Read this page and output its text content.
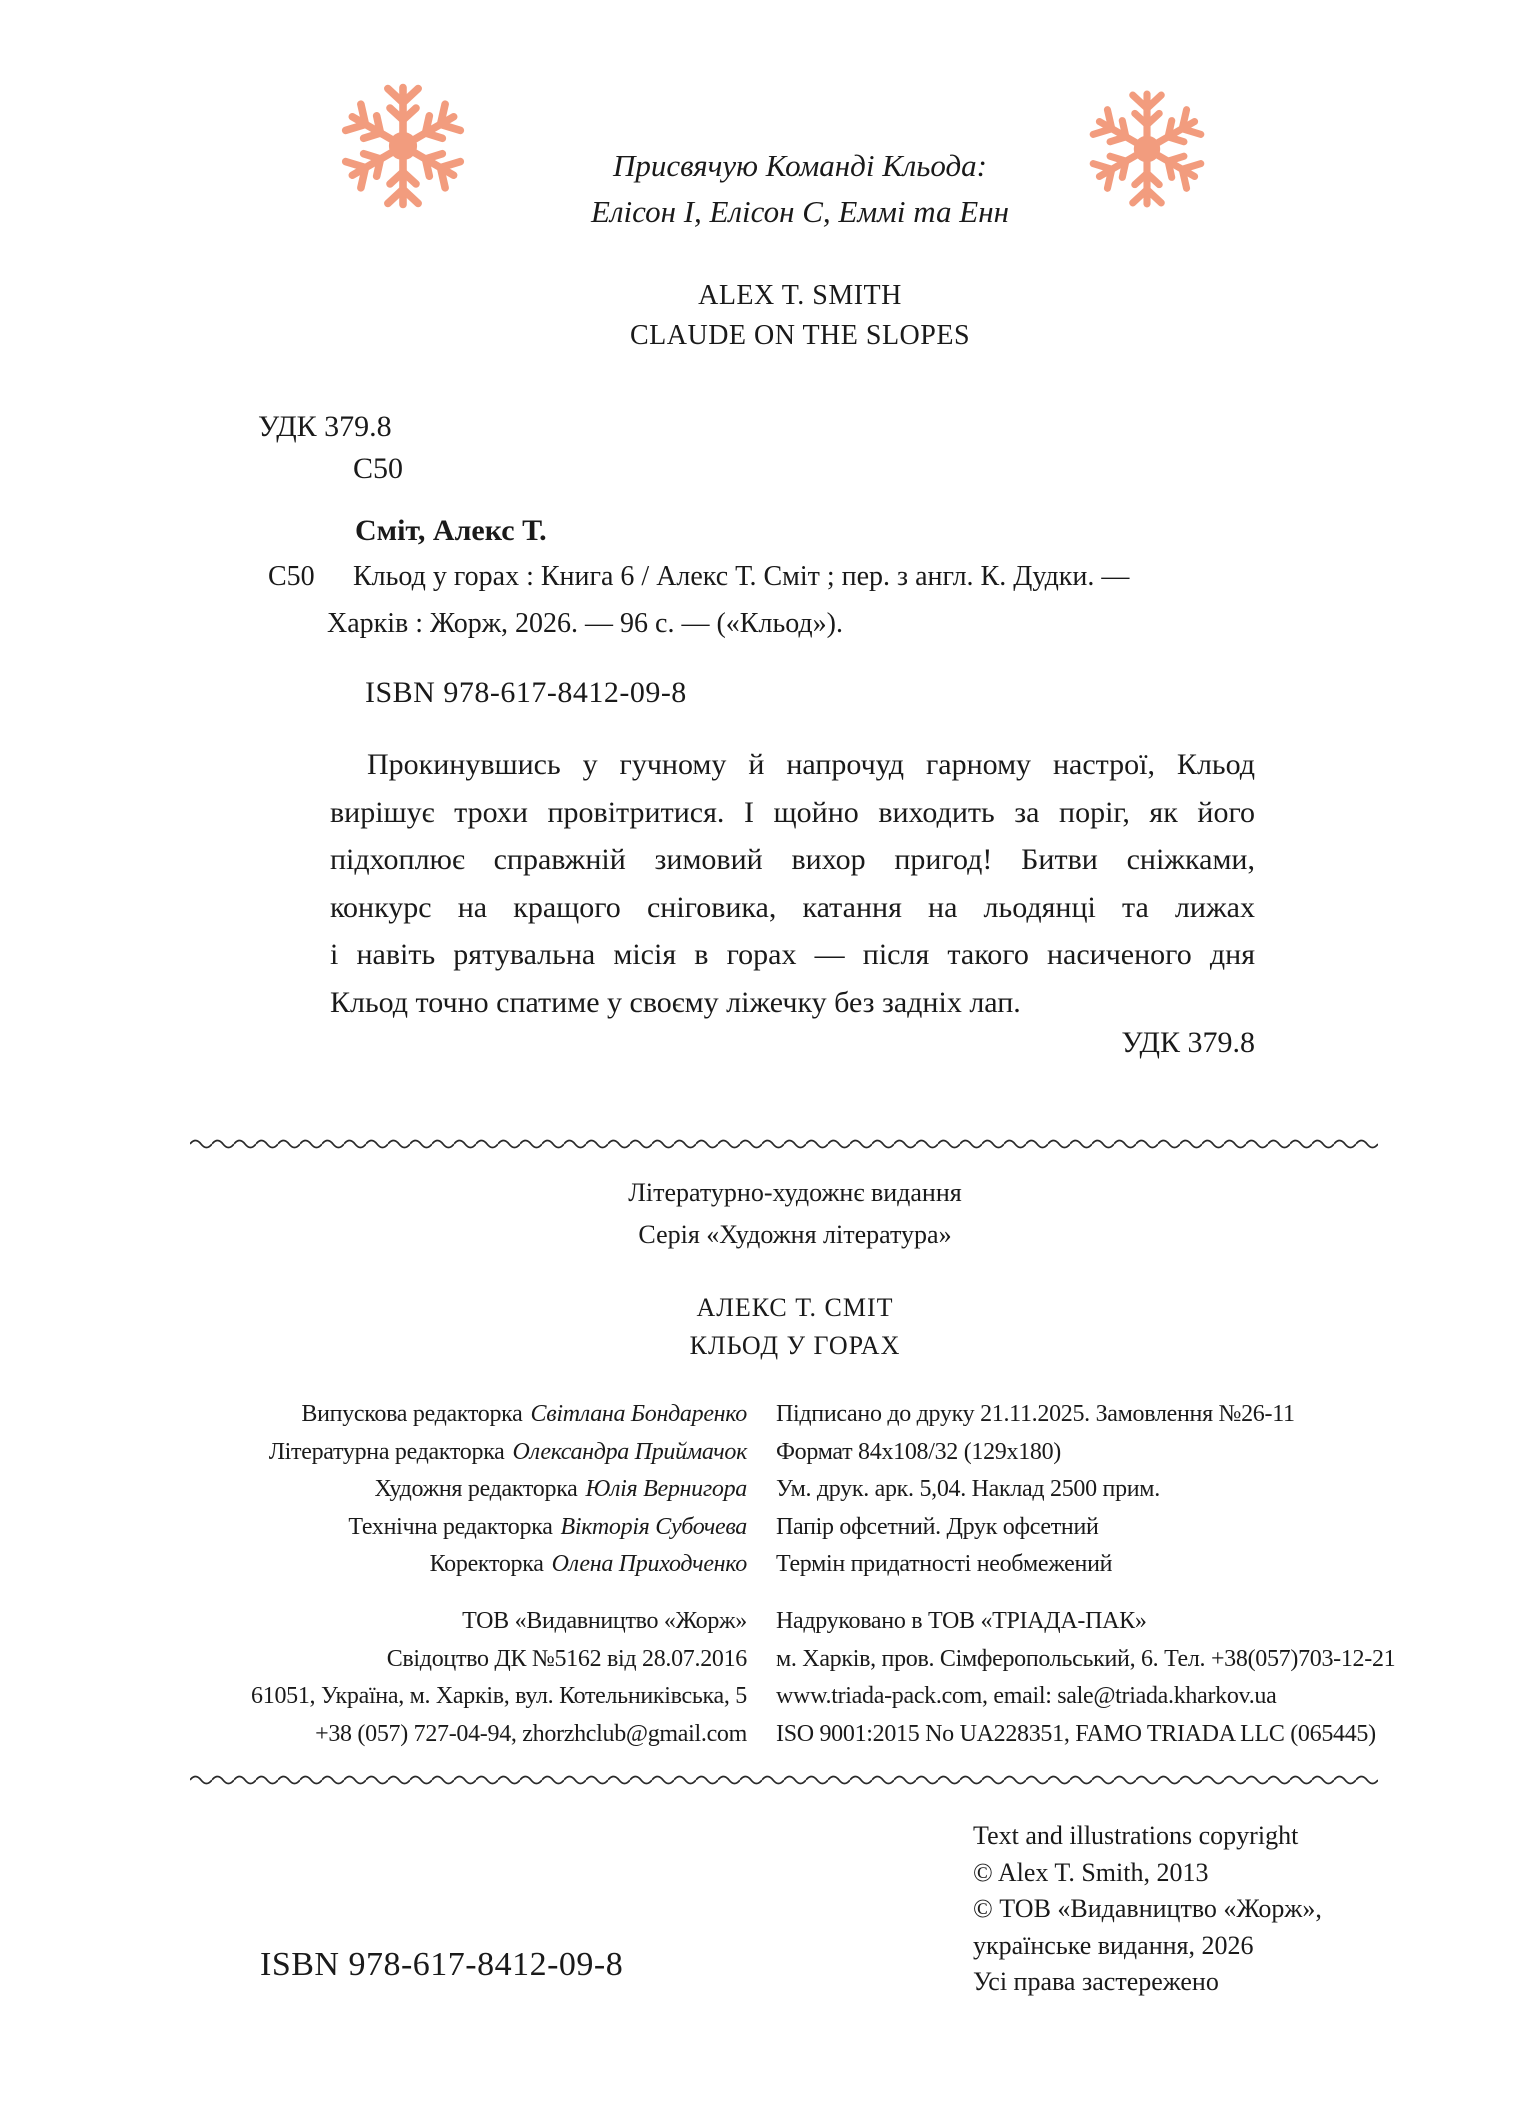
Присвячую Команді Кльода:
Елісон І, Елісон С, Еммі та Енн
ALEX T. SMITH
CLAUDE ON THE SLOPES
УДК 379.8
С50
Сміт, Алекс Т.
С50 Кльод у горах : Книга 6 / Алекс Т. Сміт ; пер. з англ. К. Дудки. —
Харків : Жорж, 2026. — 96 с. — («Кльод»).
ISBN 978-617-8412-09-8
Прокинувшись у гучному й напрочуд гарному настрої, Кльод
вирішує трохи провітритися. І щойно виходить за поріг, як його
підхоплює справжній зимовий вихор пригод! Битви сніжками,
конкурс на кращого сніговика, катання на льодянці та лижах
і навіть рятувальна місія в горах — після такого насиченого дня
Кльод точно спатиме у своєму ліжечку без задніх лап.
УДК 379.8
Літературно-художнє видання
Серія «Художня література»
АЛЕКС Т. СМІТ
КЛЬОД У ГОРАХ
Випускова редакторка Світлана Бондаренко
Літературна редакторка Олександра Приймачок
Художня редакторка Юлія Вернигора
Технічна редакторка Вікторія Субочева
Коректорка Олена Приходченко
Підписано до друку 21.11.2025. Замовлення №26-11
Формат 84х108/32 (129х180)
Ум. друк. арк. 5,04. Наклад 2500 прим.
Папір офсетний. Друк офсетний
Термін придатності необмежений
ТОВ «Видавництво «Жорж»
Свідоцтво ДК №5162 від 28.07.2016
61051, Україна, м. Харків, вул. Котельниківська, 5
+38 (057) 727-04-94, zhorzhclub@gmail.com
Надруковано в ТОВ «ТРІАДА-ПАК»
м. Харків, пров. Сімферопольський, 6. Тел. +38(057)703-12-21
www.triada-pack.com, email: sale@triada.kharkov.ua
ISO 9001:2015 No UA228351, FAMO TRIADA LLC (065445)
Text and illustrations copyright
© Alex T. Smith, 2013
© ТОВ «Видавництво «Жорж»,
українське видання, 2026
Усі права застережено
ISBN 978-617-8412-09-8
